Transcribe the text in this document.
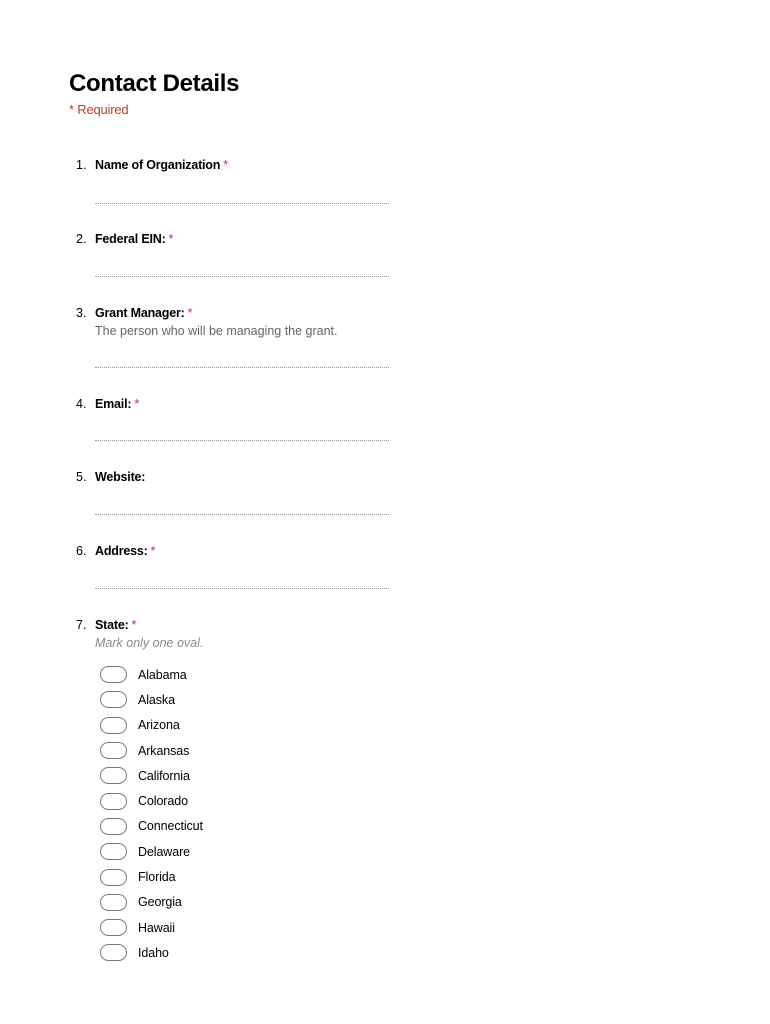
Contact Details
* Required
1. Name of Organization *
2. Federal EIN: *
3. Grant Manager: *
The person who will be managing the grant.
4. Email: *
5. Website:
6. Address: *
7. State: *
Mark only one oval.
Alabama
Alaska
Arizona
Arkansas
California
Colorado
Connecticut
Delaware
Florida
Georgia
Hawaii
Idaho
